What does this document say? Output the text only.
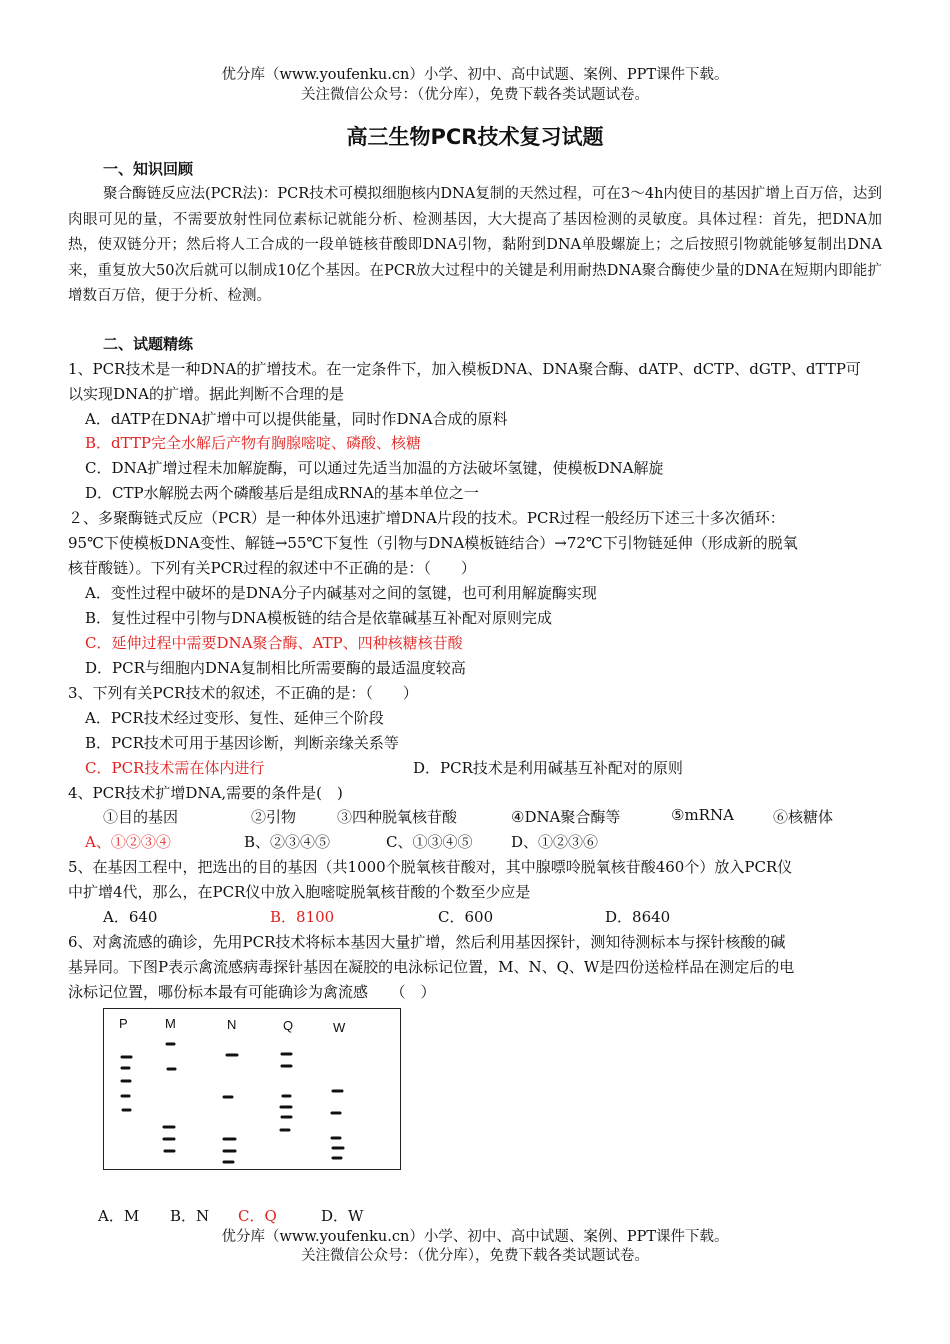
优分库（www.youfenku.cn）小学、初中、高中试题、案例、PPT课件下载。
关注微信公众号：（优分库），免费下载各类试题试卷。
高三生物PCR技术复习试题
一、知识回顾
聚合酶链反应法(PCR法)：PCR技术可模拟细胞核内DNA复制的天然过程，可在3～4h内使目的基因扩增上百万倍，达到肉眼可见的量，不需要放射性同位素标记就能分析、检测基因，大大提高了基因检测的灵敏度。具体过程：首先，把DNA加热，使双链分开；然后将人工合成的一段单链核苷酸即DNA引物，黏附到DNA单股螺旋上；之后按照引物就能够复制出DNA来，重复放大50次后就可以制成10亿个基因。在PCR放大过程中的关键是利用耐热DNA聚合酶使少量的DNA在短期内即能扩增数百万倍，便于分析、检测。
二、试题精练
1、PCR技术是一种DNA的扩增技术。在一定条件下，加入模板DNA、DNA聚合酶、dATP、dCTP、dGTP、dTTP可
以实现DNA的扩增。据此判断不合理的是
A．dATP在DNA扩增中可以提供能量，同时作DNA合成的原料
B．dTTP完全水解后产物有胸腺嘧啶、磷酸、核糖
C．DNA扩增过程未加解旋酶，可以通过先适当加温的方法破坏氢键，使模板DNA解旋
D．CTP水解脱去两个磷酸基后是组成RNA的基本单位之一
２、多聚酶链式反应（PCR）是一种体外迅速扩增DNA片段的技术。PCR过程一般经历下述三十多次循环：
95℃下使模板DNA变性、解链→55℃下复性（引物与DNA模板链结合）→72℃下引物链延伸（形成新的脱氧
核苷酸链）。下列有关PCR过程的叙述中不正确的是：（　　）
A．变性过程中破坏的是DNA分子内碱基对之间的氢键，也可利用解旋酶实现
B．复性过程中引物与DNA模板链的结合是依靠碱基互补配对原则完成
C．延伸过程中需要DNA聚合酶、ATP、四种核糖核苷酸
D．PCR与细胞内DNA复制相比所需要酶的最适温度较高
3、下列有关PCR技术的叙述，不正确的是：（　　）
A．PCR技术经过变形、复性、延伸三个阶段
B．PCR技术可用于基因诊断，判断亲缘关系等
C．PCR技术需在体内进行	D．PCR技术是利用碱基互补配对的原则
4、PCR技术扩增DNA,需要的条件是(　)
①目的基因	②引物	③四种脱氧核苷酸	④DNA聚合酶等	⑤mRNA	⑥核糖体
A、①②③④	B、②③④⑤	C、①③④⑤	D、①②③⑥
5、在基因工程中，把选出的目的基因（共1000个脱氧核苷酸对，其中腺嘌呤脱氧核苷酸460个）放入PCR仪
中扩增4代，那么，在PCR仪中放入胞嘧啶脱氧核苷酸的个数至少应是
A．640	B．8100	C．600	D．8640
6、对禽流感的确诊，先用PCR技术将标本基因大量扩增，然后利用基因探针，测知待测标本与探针核酸的碱
基异同。下图P表示禽流感病毒探针基因在凝胶的电泳标记位置，M、N、Q、W是四份送检样品在测定后的电
泳标记位置，哪份标本最有可能确诊为禽流感　　（　）
P	M	N	Q	W
A．M B．N C．Q	D．W
优分库（www.youfenku.cn）小学、初中、高中试题、案例、PPT课件下载。
关注微信公众号：（优分库），免费下载各类试题试卷。
